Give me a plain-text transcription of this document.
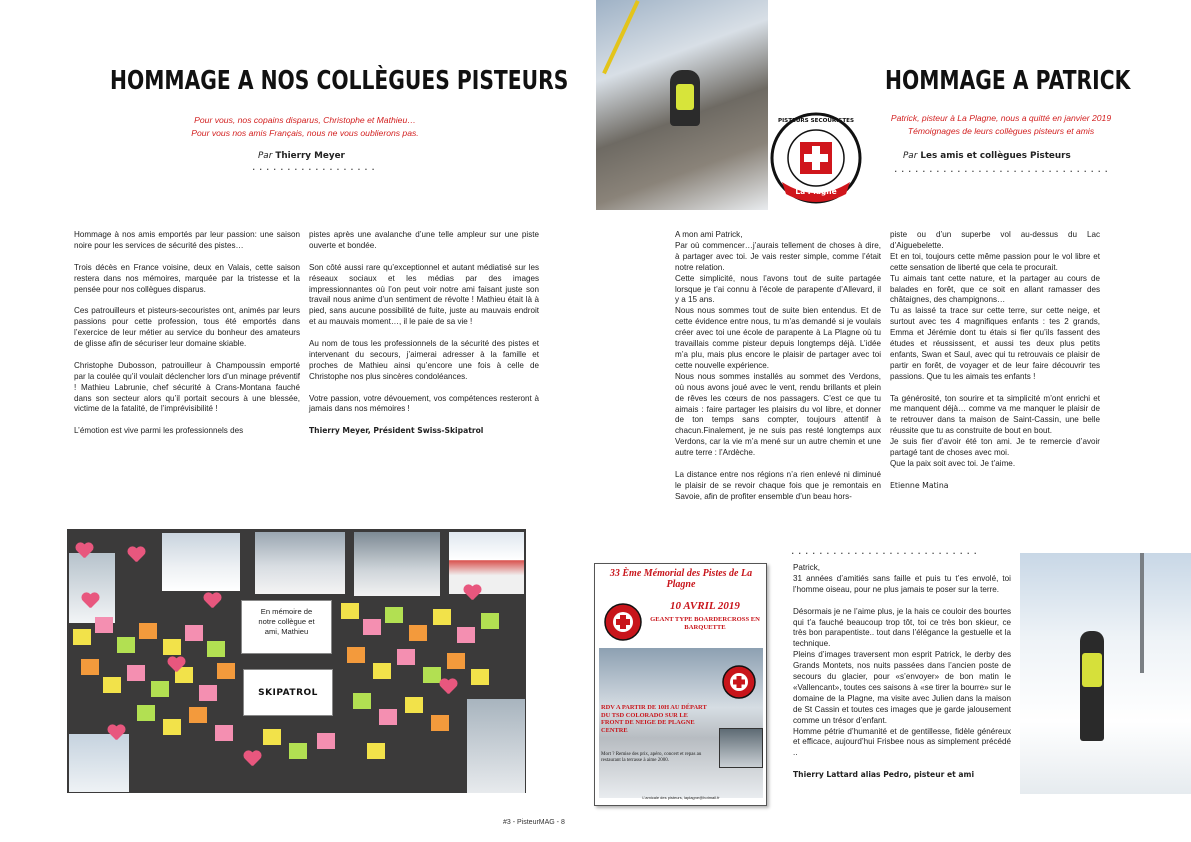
HOMMAGE A NOS COLLÈGUES PISTEURS
Pour vous, nos copains disparus, Christophe et Mathieu…
Pour vous nos amis Français, nous ne vous oublierons pas.
Par Thierry Meyer
..................

Hommage à nos amis emportés par leur passion: une saison noire pour les services de sécurité des pistes…

Trois décès en France voisine, deux en Valais, cette saison restera dans nos mémoires, marquée par la tristesse et la pensée pour nos collègues disparus.

Ces patrouilleurs et pisteurs-secouristes ont, animés par leurs passions pour cette profession, tous été emportés dans l’exercice de leur métier au service du bonheur des amateurs de glisse afin de sécuriser leur domaine skiable.

Christophe Dubosson, patrouilleur à Champoussin emporté par la coulée qu’il voulait déclencher lors d’un minage préventif ! Mathieu Labrunie, chef sécurité à Crans-Montana fauché dans son secteur alors qu’il portait secours à une blessée, victime de la fatalité, de l’imprévisibilité !

L’émotion est vive parmi les professionnels des

pistes après une avalanche d’une telle ampleur sur une piste ouverte et bondée.

Son côté aussi rare qu’exceptionnel et autant médiatisé sur les réseaux sociaux et les médias par des images impressionnantes où l’on peut voir notre ami faisant juste son travail nous anime d’un sentiment de révolte ! Mathieu était là à pied, sans aucune possibilité de fuite, juste au mauvais endroit et au mauvais moment…, il le paie de sa vie !

Au nom de tous les professionnels de la sécurité des pistes et intervenant du secours, j’aimerai adresser à la famille et proches de Mathieu ainsi qu’encore une fois à celle de Christophe nos plus sincères condoléances.

Votre passion, votre dévouement, vos compétences resteront à jamais dans nos mémoires !

Thierry Meyer, Président Swiss-Skipatrol
En mémoire de
notre collègue et
ami, Mathieu
SKIPATROL
#3 - PisteurMAG - 8
HOMMAGE A PATRICK
Patrick, pisteur à La Plagne, nous a quitté en janvier 2019
Témoignages de leurs collègues pisteurs et amis
Par Les amis et collègues Pisteurs
...............................
PISTEURS SECOURISTES
La Plagne

A mon ami Patrick,

Par où commencer…j’aurais tellement de choses à dire, à partager avec toi. Je vais rester simple, comme l’était notre relation.

Cette simplicité, nous l’avons tout de suite partagée lorsque je t’ai connu à l’école de parapente d’Allevard, il y a 15 ans.

Nous nous sommes tout de suite bien entendus. Et de cette évidence entre nous, tu m’as demandé si je voulais créer avec toi une école de parapente à La Plagne où tu travaillais comme pisteur depuis longtemps déjà. L’idée m’a plu, mais plus encore le plaisir de partager avec toi cette nouvelle expérience.

Nous nous sommes installés au sommet des Verdons, où nous avons joué avec le vent, rendu brillants et plein de rêves les cœurs de nos passagers. C’est ce que tu aimais : faire partager les plaisirs du vol libre, et donner de ton temps sans compter, toujours attentif à chacun.Finalement, je ne suis pas resté longtemps aux Verdons, car la vie m’a mené sur un autre chemin et une autre terre : l’Ardèche.

La distance entre nos régions n’a rien enlevé ni diminué le plaisir de se revoir chaque fois que je remontais en Savoie, afin de profiter ensemble d’un beau hors-

piste ou d’un superbe vol au-dessus du Lac d’Aiguebelette.

Et en toi, toujours cette même passion pour le vol libre et cette sensation de liberté que cela te procurait.

Tu aimais tant cette nature, et la partager au cours de balades en forêt, que ce soit en allant ramasser des châtaignes, des champignons…

Tu as laissé ta trace sur cette terre, sur cette neige, et surtout avec tes 4 magnifiques enfants : tes 2 grands, Emma et Jérémie dont tu étais si fier qu’ils fassent des études et réussissent, et aussi tes deux plus petits enfants, Swan et Saul, avec qui tu retrouvais ce plaisir de partir en forêt, de voyager et de leur faire découvrir tes passions. Que tu les aimais tes enfants !

Ta générosité, ton sourire et ta simplicité m’ont enrichi et me manquent déjà… comme va me manquer le plaisir de te retrouver dans ta maison de Saint-Cassin, une belle réussite que tu as construite de bout en bout.

Je suis fier d’avoir été ton ami. Je te remercie d’avoir partagé tant de choses avec moi.

Que la paix soit avec toi. Je t’aime.

Etienne Matina
...........................
33 Ème Mémorial des Pistes de La Plagne
10 AVRIL 2019
GEANT TYPE BOARDERCROSS EN BARQUETTE
RDV A PARTIR DE 10H AU DÉPART DU TSD COLORADO SUR LE FRONT DE NEIGE DE PLAGNE CENTRE
Mort ? Remise des prix, apéro, concert et repas au restaurant la terrasse à aime 2000.
L’amicale des pisteurs, laplagne@hotmail.fr

Patrick,

31 années d’amitiés sans faille et puis tu t’es envolé, toi l’homme oiseau, pour ne plus jamais te poser sur la terre.

Désormais je ne l’aime plus, je la hais ce couloir des bourtes qui t’a fauché beaucoup trop tôt, toi ce très bon skieur, ce très bon parapentiste.. tout dans l’élégance la gestuelle et la technique.

Pleins d’images traversent mon esprit Patrick, le derby des Grands Montets, nos nuits passées dans l’ancien poste de secours du glacier, pour «s’envoyer» de bon matin le «Vallencant», toutes ces saisons à «se tirer la bourre» sur le domaine de la Plagne, ma visite avec Julien dans la maison de St Cassin et toutes ces images que je garde jalousement comme un trésor d’enfant.

Homme pétrie d’humanité et de gentillesse, fidèle généreux et efficace, aujourd’hui Frisbee nous as simplement précédé ..

Thierry Lattard alias Pedro, pisteur et ami
